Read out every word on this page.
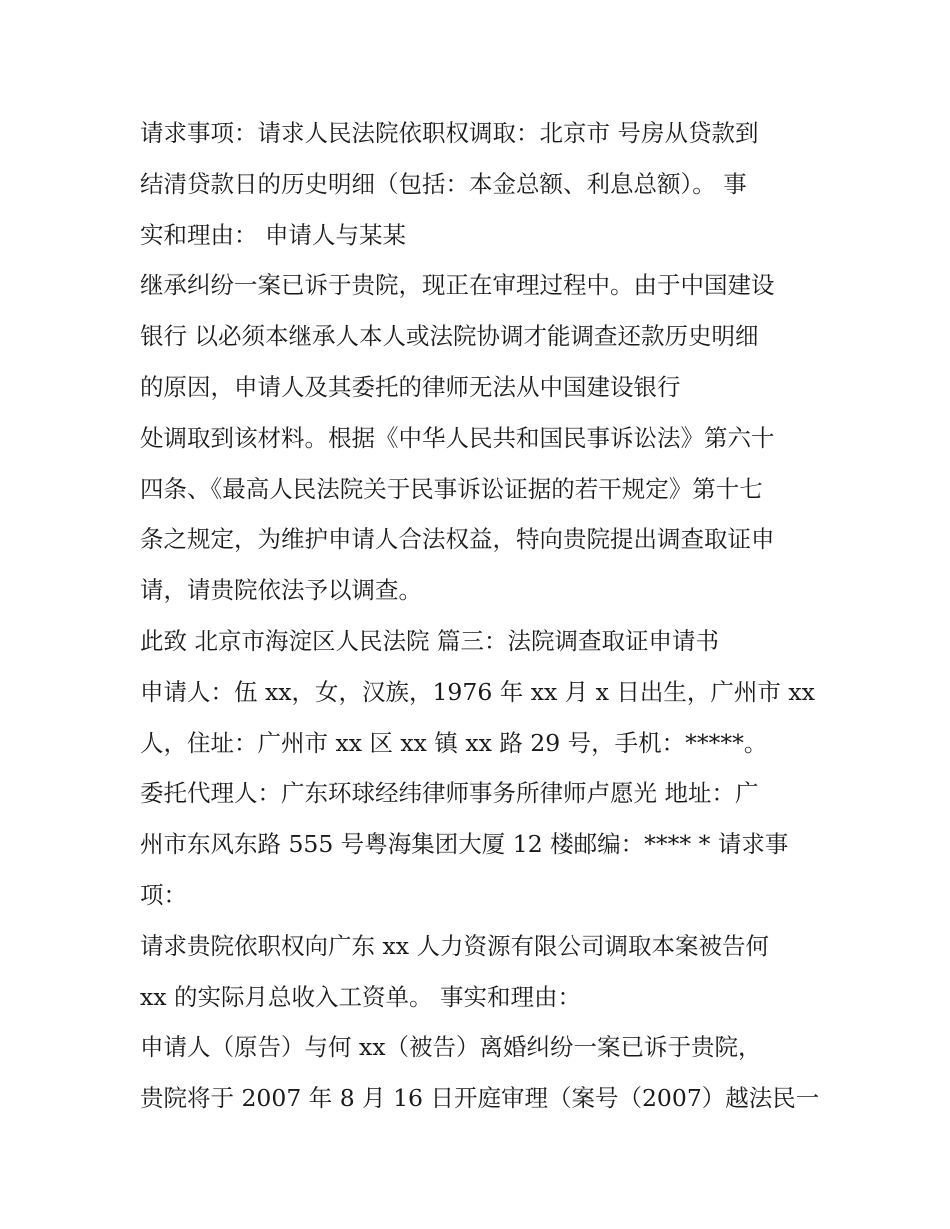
请求事项：请求人民法院依职权调取：北京市 号房从贷款到
结清贷款日的历史明细（包括：本金总额、利息总额）。 事
实和理由： 申请人与某某
继承纠纷一案已诉于贵院，现正在审理过程中。由于中国建设
银行 以必须本继承人本人或法院协调才能调查还款历史明细
的原因，申请人及其委托的律师无法从中国建设银行
处调取到该材料。根据《中华人民共和国民事诉讼法》第六十
四条、《最高人民法院关于民事诉讼证据的若干规定》第十七
条之规定，为维护申请人合法权益，特向贵院提出调查取证申
请，请贵院依法予以调查。
此致 北京市海淀区人民法院 篇三：法院调查取证申请书
申请人：伍 xx，女，汉族，1976 年 xx 月 x 日出生，广州市 xx
人，住址：广州市 xx 区 xx 镇 xx 路 29 号，手机：*****。
委托代理人：广东环球经纬律师事务所律师卢愿光 地址：广
州市东风东路 555 号粤海集团大厦 12 楼邮编：**** * 请求事
项：
请求贵院依职权向广东 xx 人力资源有限公司调取本案被告何
xx 的实际月总收入工资单。 事实和理由：
申请人（原告）与何 xx（被告）离婚纠纷一案已诉于贵院，
贵院将于 2007 年 8 月 16 日开庭审理（案号（2007）越法民一
